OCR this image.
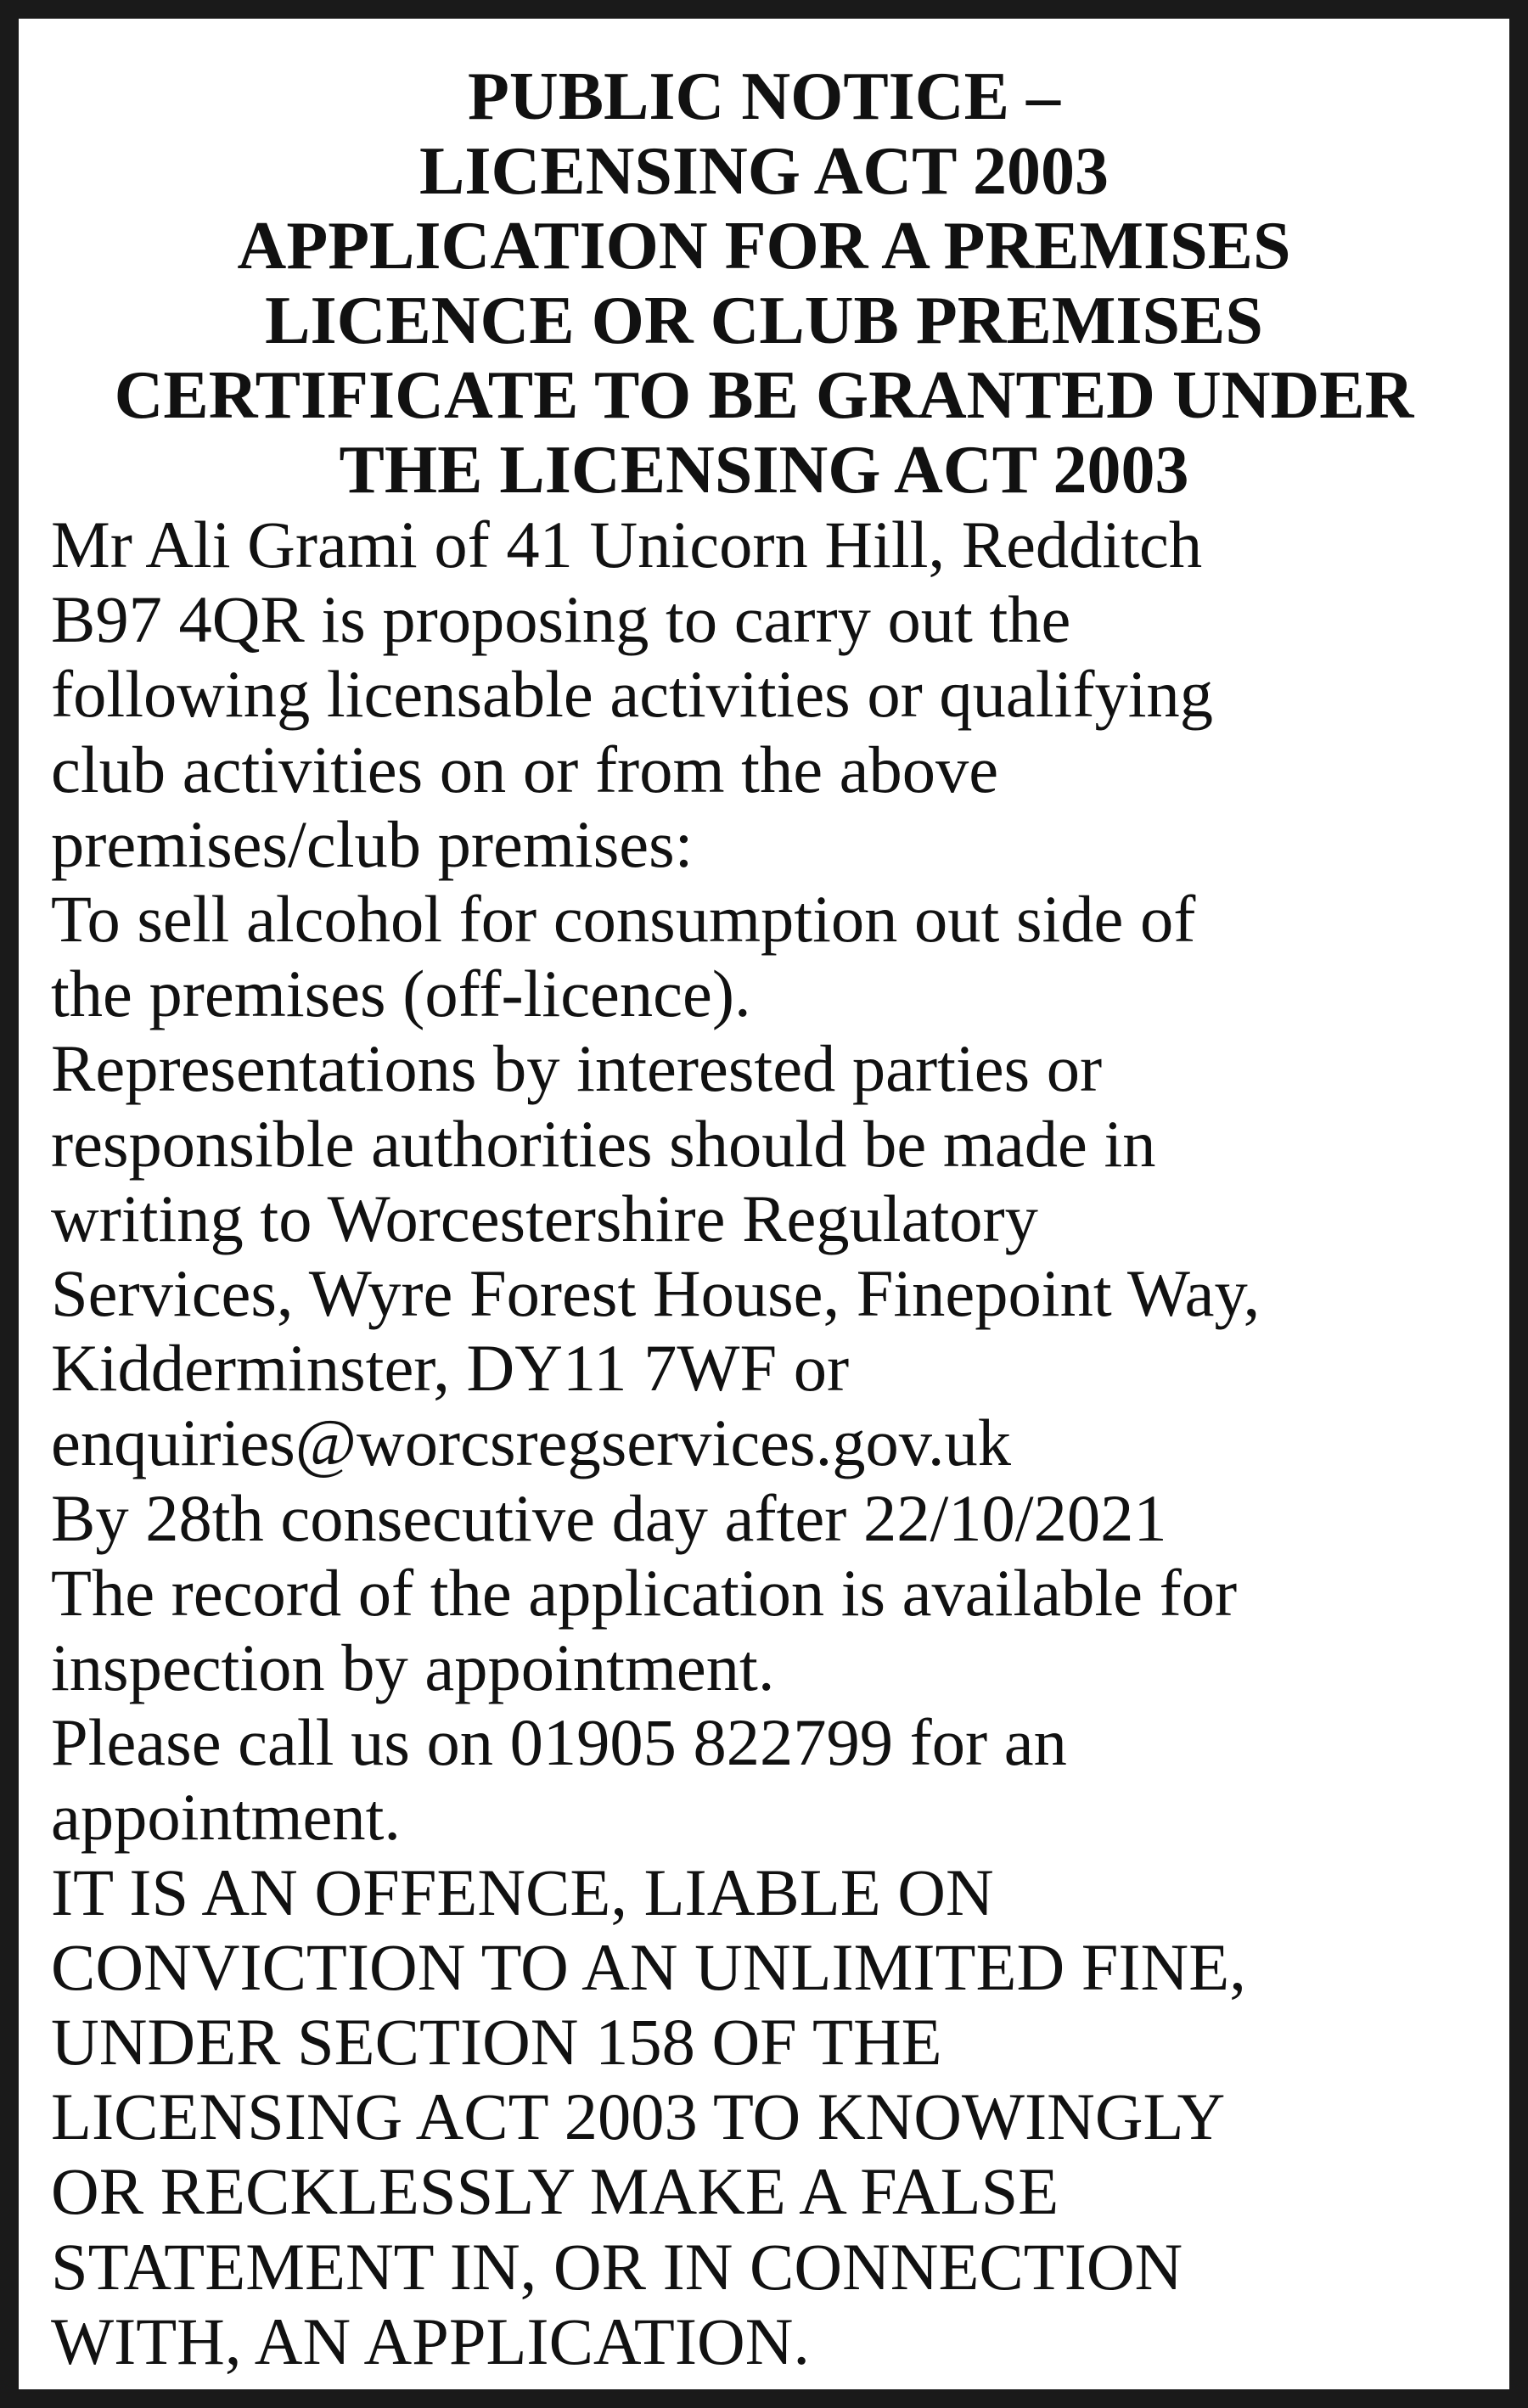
PUBLIC NOTICE –
LICENSING ACT 2003
APPLICATION FOR A PREMISES
LICENCE OR CLUB PREMISES
CERTIFICATE TO BE GRANTED UNDER
THE LICENSING ACT 2003
Mr Ali Grami of 41 Unicorn Hill, Redditch
B97 4QR is proposing to carry out the
following licensable activities or qualifying
club activities on or from the above
premises/club premises:
To sell alcohol for consumption out side of
the premises (off-licence).
Representations by interested parties or
responsible authorities should be made in
writing to Worcestershire Regulatory
Services, Wyre Forest House, Finepoint Way,
Kidderminster, DY11 7WF or
enquiries@worcsregservices.gov.uk
By 28th consecutive day after 22/10/2021
The record of the application is available for
inspection by appointment.
Please call us on 01905 822799 for an
appointment.
IT IS AN OFFENCE, LIABLE ON
CONVICTION TO AN UNLIMITED FINE,
UNDER SECTION 158 OF THE
LICENSING ACT 2003 TO KNOWINGLY
OR RECKLESSLY MAKE A FALSE
STATEMENT IN, OR IN CONNECTION
WITH, AN APPLICATION.
